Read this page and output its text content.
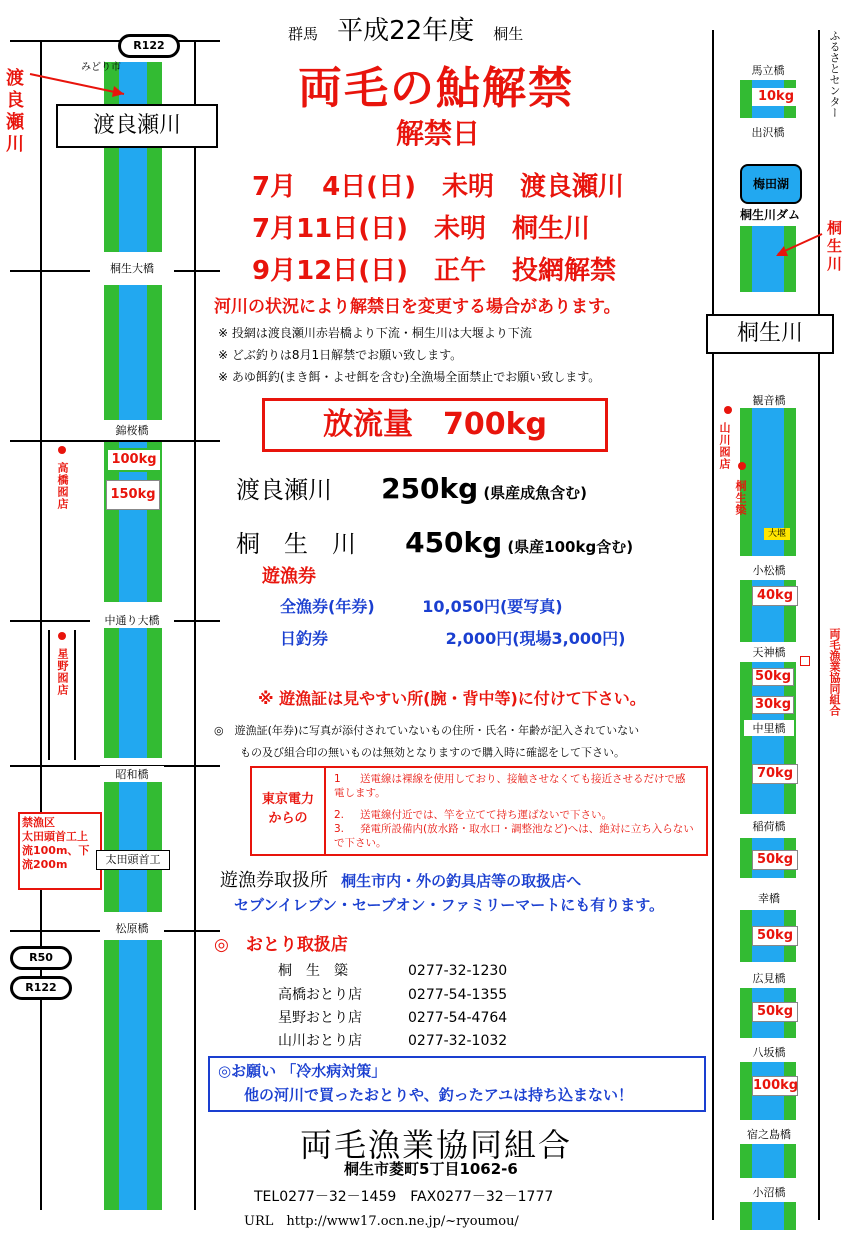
R122
みどり市
渡良瀬川	渡良瀬川
桐生大橋
錦桜橋
100kg
150kg
高橋囮店
中通り大橋
星野囮店
昭和橋
禁漁区
太田頭首工上流100m、下流200m	太田頭首工
松原橋
R50
R122
群馬 平成22年度 桐生
両毛の鮎解禁
解禁日
7月　4日(日)　未明　渡良瀬川
7月11日(日)　未明　桐生川
9月12日(日)　正午　投網解禁
河川の状況により解禁日を変更する場合があります。
※ 投網は渡良瀬川赤岩橋より下流・桐生川は大堰より下流
※ どぶ釣りは8月1日解禁でお願い致します。
※ あゆ餌釣(まき餌・よせ餌を含む)全漁場全面禁止でお願い致します。
放流量　700kg
渡良瀬川 250kg (県産成魚含む)
桐　生　川 450kg (県産100kg含む)
遊漁券
全漁券(年券)	10,050円(要写真)
日釣券	2,000円(現場3,000円)
※ 遊漁証は見やすい所(腕・背中等)に付けて下さい。
◎　遊漁証(年券)に写真が添付されていないもの住所・氏名・年齢が記入されていない
もの及び組合印の無いものは無効となりますので購入時に確認をして下さい。
東京電力
からの
1 送電線は裸線を使用しており、接触させなくても接近させるだけで感電します。
2. 送電線付近では、竿を立てて持ち運ばないで下さい。
3. 発電所設備内(放水路・取水口・調整池など)へは、絶対に立ち入らないで下さい。
遊漁券取扱所 桐生市内・外の釣具店等の取扱店へ
セブンイレブン・セーブオン・ファミリーマートにも有ります。
◎　おとり取扱店
桐　生　簗	0277-32-1230
高橋おとり店	0277-54-1355
星野おとり店	0277-54-4764
山川おとり店	0277-32-1032
◎お願い 「冷水病対策」
他の河川で買ったおとりや、釣ったアユは持ち込まない！
両毛漁業協同組合
桐生市菱町5丁目1062-6
TEL0277－32－1459　FAX0277－32－1777
URL　http://www17.ocn.ne.jp/~ryoumou/
ふるさとセンター
馬立橋
10kg
出沢橋
梅田湖
桐生川ダム
桐生川
桐生川
観音橋
山川囮店
桐生簗
大堰
小松橋
40kg
天神橋
50kg
30kg	両毛漁業協同組合
中里橋
70kg
稲荷橋
50kg
幸橋
50kg
広見橋
50kg
八坂橋
100kg
宿之島橋
小沼橋
